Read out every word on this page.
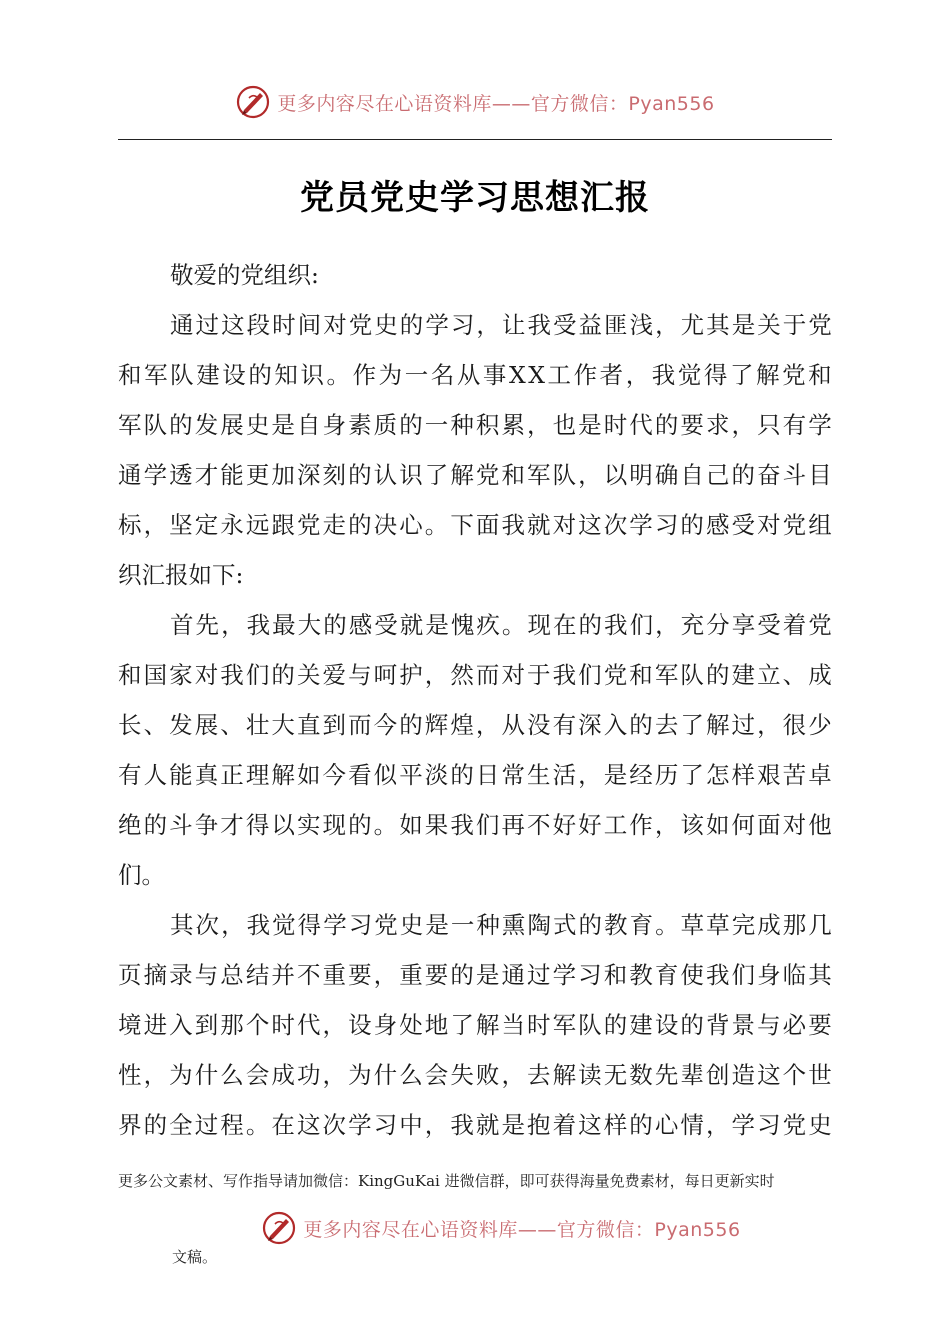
更多内容尽在心语资料库——官方微信：Pyan556
党员党史学习思想汇报
敬爱的党组织:
通 过 这 段 时 间 对 党 史 的 学 习 ， 让 我 受 益 匪 浅 ， 尤 其 是 关 于 党
和 军 队 建 设 的 知 识 。 作 为 一 名 从 事 X X 工 作 者 ， 我 觉 得 了 解 党 和
军 队 的 发 展 史 是 自 身 素 质 的 一 种 积 累 ， 也 是 时 代 的 要 求 ， 只 有 学
通 学 透 才 能 更 加 深 刻 的 认 识 了 解 党 和 军 队 ， 以 明 确 自 己 的 奋 斗 目
标 ， 坚 定 永 远 跟 党 走 的 决 心 。 下 面 我 就 对 这 次 学 习 的 感 受 对 党 组
织汇报如下:
首 先 ， 我 最 大 的 感 受 就 是 愧 疚 。 现 在 的 我 们 ， 充 分 享 受 着 党
和 国 家 对 我 们 的 关 爱 与 呵 护 ， 然 而 对 于 我 们 党 和 军 队 的 建 立 、 成
长 、 发 展 、 壮 大 直 到 而 今 的 辉 煌 ， 从 没 有 深 入 的 去 了 解 过 ， 很 少
有 人 能 真 正 理 解 如 今 看 似 平 淡 的 日 常 生 活 ， 是 经 历 了 怎 样 艰 苦 卓
绝 的 斗 争 才 得 以 实 现 的 。 如 果 我 们 再 不 好 好 工 作 ， 该 如 何 面 对 他
们。
其 次 ， 我 觉 得 学 习 党 史 是 一 种 熏 陶 式 的 教 育 。 草 草 完 成 那 几
页 摘 录 与 总 结 并 不 重 要 ， 重 要 的 是 通 过 学 习 和 教 育 使 我 们 身 临 其
境 进 入 到 那 个 时 代 ， 设 身 处 地 了 解 当 时 军 队 的 建 设 的 背 景 与 必 要
性 ， 为 什 么 会 成 功 ， 为 什 么 会 失 败 ， 去 解 读 无 数 先 辈 创 造 这 个 世
界 的 全 过 程 。 在 这 次 学 习 中 ， 我 就 是 抱 着 这 样 的 心 情 ， 学 习 党 史
更多公文素材、写作指导请加微信：KingGuKai 进微信群，即可获得海量免费素材，每日更新实时
更多内容尽在心语资料库——官方微信：Pyan556
文稿。
